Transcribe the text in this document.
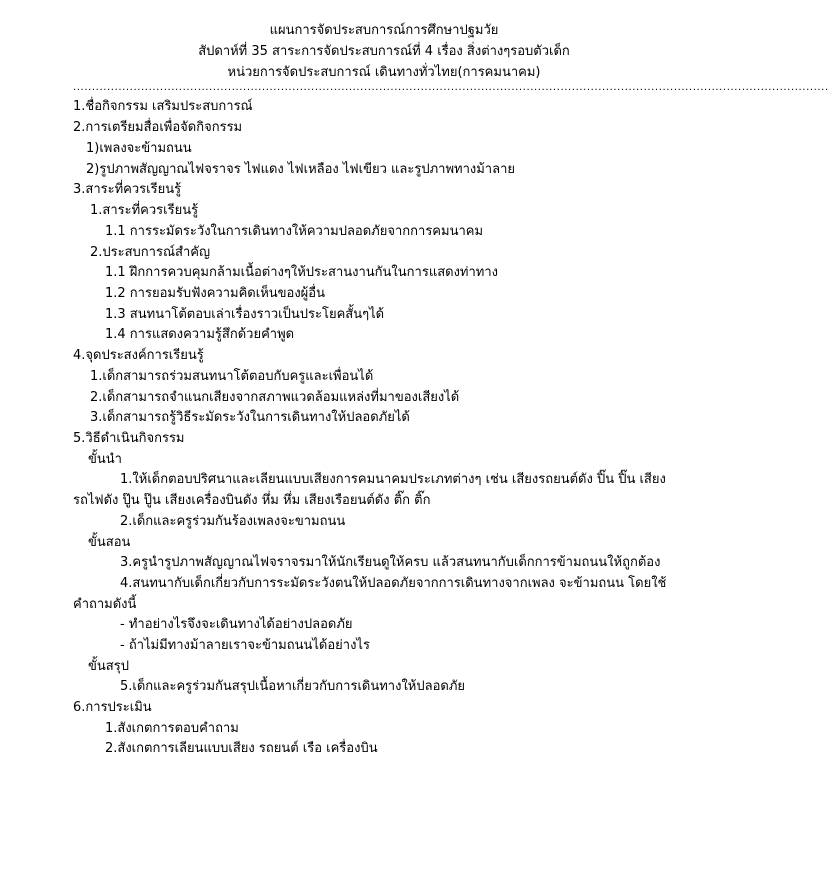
แผนการจัดประสบการณ์การศึกษาปฐมวัย
สัปดาห์ที่ 35 สาระการจัดประสบการณ์ที่ 4 เรื่อง สิ่งต่างๆรอบตัวเด็ก
หน่วยการจัดประสบการณ์ เดินทางทั่วไทย(การคมนาคม)
........................................................................................................................................................................................................
1.ชื่อกิจกรรม เสริมประสบการณ์
2.การเตรียมสื่อเพื่อจัดกิจกรรม
1)เพลงจะข้ามถนน
2)รูปภาพสัญญาณไฟจราจร ไฟแดง ไฟเหลือง ไฟเขียว และรูปภาพทางม้าลาย
3.สาระที่ควรเรียนรู้
1.สาระที่ควรเรียนรู้
1.1 การระมัดระวังในการเดินทางให้ความปลอดภัยจากการคมนาคม
2.ประสบการณ์สำคัญ
1.1 ฝึกการควบคุมกล้ามเนื้อต่างๆให้ประสานงานกันในการแสดงท่าทาง
1.2 การยอมรับฟังความคิดเห็นของผู้อื่น
1.3 สนทนาโต้ตอบเล่าเรื่องราวเป็นประโยคสั้นๆได้
1.4 การแสดงความรู้สึกด้วยคำพูด
4.จุดประสงค์การเรียนรู้
1.เด็กสามารถร่วมสนทนาโต้ตอบกับครูและเพื่อนได้
2.เด็กสามารถจำแนกเสียงจากสภาพแวดล้อมแหล่งที่มาของเสียงได้
3.เด็กสามารถรู้วิธีระมัดระวังในการเดินทางให้ปลอดภัยได้
5.วิธีดำเนินกิจกรรม
ขั้นนำ
1.ให้เด็กตอบปริศนาและเลียนแบบเสียงการคมนาคมประเภทต่างๆ เช่น เสียงรถยนต์ดัง ปิ๊น ปิ๊น เสียง
รถไฟดัง ปู๊น ปู๊น เสียงเครื่องบินดัง หึ่ม หึ่ม เสียงเรือยนต์ดัง ติ๊ก ติ๊ก
2.เด็กและครูร่วมกันร้องเพลงจะขามถนน
ขั้นสอน
3.ครูนำรูปภาพสัญญาณไฟจราจรมาให้นักเรียนดูให้ครบ แล้วสนทนากับเด็กการข้ามถนนให้ถูกต้อง
4.สนทนากับเด็กเกี่ยวกับการระมัดระวังตนให้ปลอดภัยจากการเดินทางจากเพลง จะข้ามถนน โดยใช้
คำถามดังนี้
- ทำอย่างไรจึงจะเดินทางได้อย่างปลอดภัย
- ถ้าไม่มีทางม้าลายเราจะข้ามถนนได้อย่างไร
ขั้นสรุป
5.เด็กและครูร่วมกันสรุปเนื้อหาเกี่ยวกับการเดินทางให้ปลอดภัย
6.การประเมิน
1.สังเกตการตอบคำถาม
2.สังเกตการเลียนแบบเสียง รถยนต์ เรือ เครื่องบิน
